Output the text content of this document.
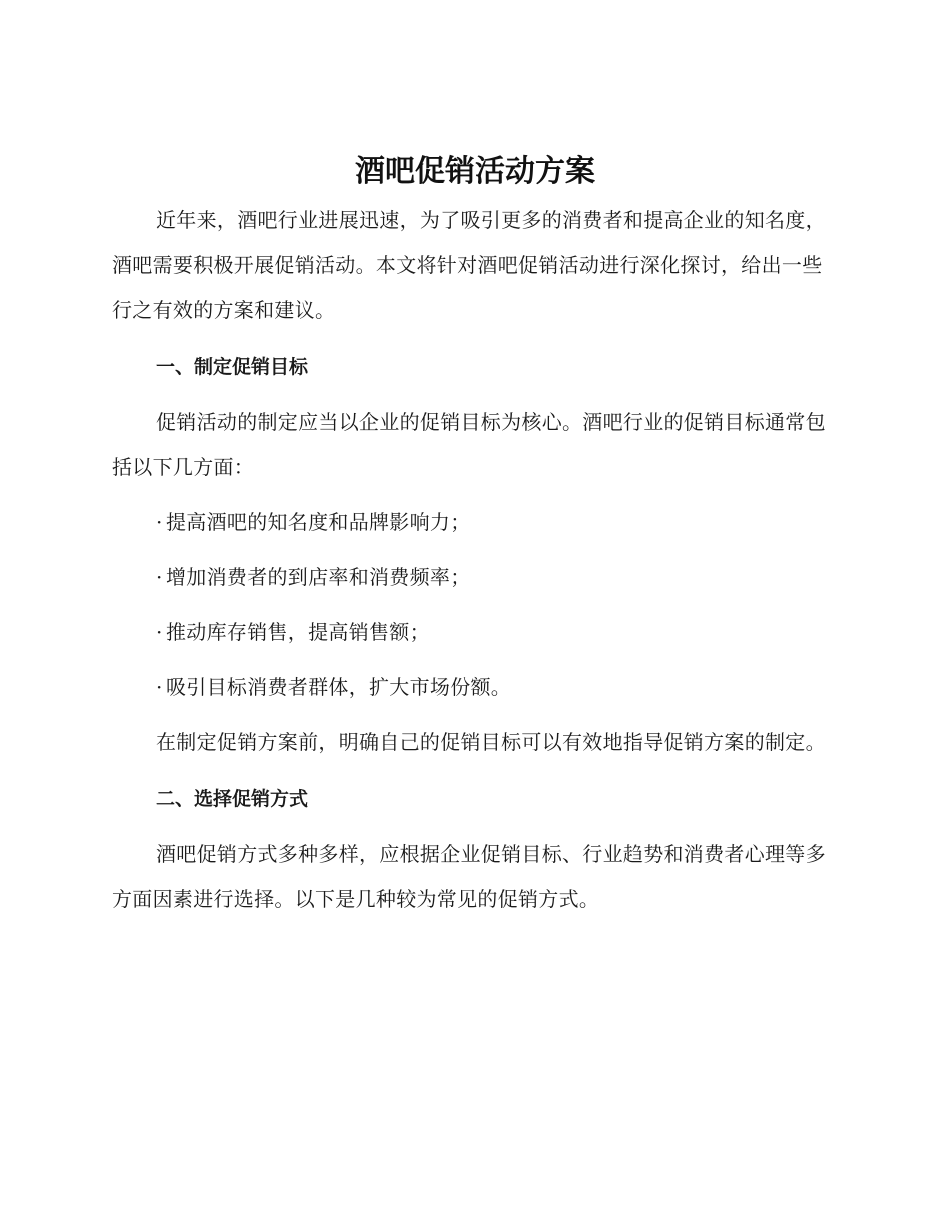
酒吧促销活动方案

近年来，酒吧行业进展迅速，为了吸引更多的消费者和提高企业的知名度，酒吧需要积极开展促销活动。本文将针对酒吧促销活动进行深化探讨，给出一些行之有效的方案和建议。

一、制定促销目标

促销活动的制定应当以企业的促销目标为核心。酒吧行业的促销目标通常包括以下几方面：

· 提高酒吧的知名度和品牌影响力；

· 增加消费者的到店率和消费频率；

· 推动库存销售，提高销售额；

· 吸引目标消费者群体，扩大市场份额。

在制定促销方案前，明确自己的促销目标可以有效地指导促销方案的制定。

二、选择促销方式

酒吧促销方式多种多样，应根据企业促销目标、行业趋势和消费者心理等多方面因素进行选择。以下是几种较为常见的促销方式。
